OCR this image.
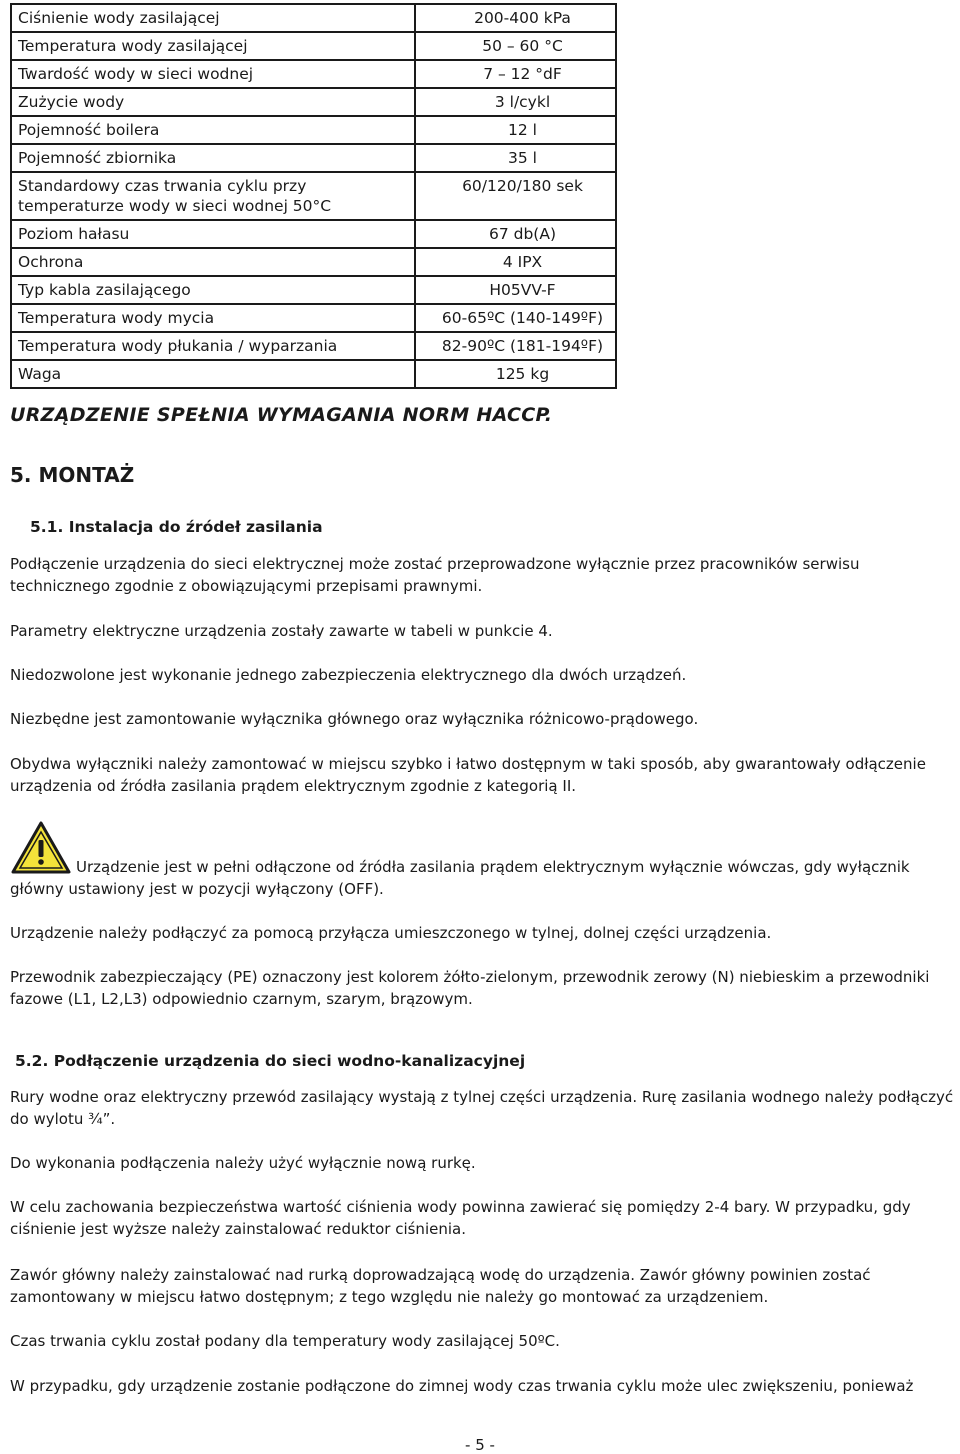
Ciśnienie wody zasilającej	200-400 kPa
Temperatura wody zasilającej	50 – 60 °C
Twardość wody w sieci wodnej	7 – 12 °dF
Zużycie wody	3 l/cykl
Pojemność boilera	12 l
Pojemność zbiornika	35 l
Standardowy czas trwania cyklu przy temperaturze wody w sieci wodnej 50°C	60/120/180 sek
Poziom hałasu	67 db(A)
Ochrona	4 IPX
Typ kabla zasilającego	H05VV-F
Temperatura wody mycia	60-65ºC (140-149ºF)
Temperatura wody płukania / wyparzania	82-90ºC (181-194ºF)
Waga	125 kg
URZĄDZENIE SPEŁNIA WYMAGANIA NORM HACCP.
5. MONTAŻ
5.1. Instalacja do źródeł zasilania

Podłączenie urządzenia do sieci elektrycznej może zostać przeprowadzone wyłącznie przez pracowników serwisu technicznego zgodnie z obowiązującymi przepisami prawnymi.

Parametry elektryczne urządzenia zostały zawarte w tabeli w punkcie 4.

Niedozwolone jest wykonanie jednego zabezpieczenia elektrycznego dla dwóch urządzeń.

Niezbędne jest zamontowanie wyłącznika głównego oraz wyłącznika różnicowo-prądowego.

Obydwa wyłączniki należy zamontować w miejscu szybko i łatwo dostępnym w taki sposób, aby gwarantowały odłączenie urządzenia od źródła zasilania prądem elektrycznym zgodnie z kategorią II.

Urządzenie jest w pełni odłączone od źródła zasilania prądem elektrycznym wyłącznie wówczas, gdy wyłącznik

główny ustawiony jest w pozycji wyłączony (OFF).

Urządzenie należy podłączyć za pomocą przyłącza umieszczonego w tylnej, dolnej części urządzenia.

Przewodnik zabezpieczający (PE) oznaczony jest kolorem żółto-zielonym, przewodnik zerowy (N) niebieskim a przewodniki fazowe (L1, L2,L3) odpowiednio czarnym, szarym, brązowym.

5.2. Podłączenie urządzenia do sieci wodno-kanalizacyjnej

Rury wodne oraz elektryczny przewód zasilający wystają z tylnej części urządzenia. Rurę zasilania wodnego należy podłączyć do wylotu ¾”.

Do wykonania podłączenia należy użyć wyłącznie nową rurkę.

W celu zachowania bezpieczeństwa wartość ciśnienia wody powinna zawierać się pomiędzy 2-4 bary. W przypadku, gdy ciśnienie jest wyższe należy zainstalować reduktor ciśnienia.

Zawór główny należy zainstalować nad rurką doprowadzającą wodę do urządzenia. Zawór główny powinien zostać zamontowany w miejscu łatwo dostępnym; z tego względu nie należy go montować za urządzeniem.

Czas trwania cyklu został podany dla temperatury wody zasilającej 50ºC.

W przypadku, gdy urządzenie zostanie podłączone do zimnej wody czas trwania cyklu może ulec zwiększeniu, ponieważ

- 5 -
